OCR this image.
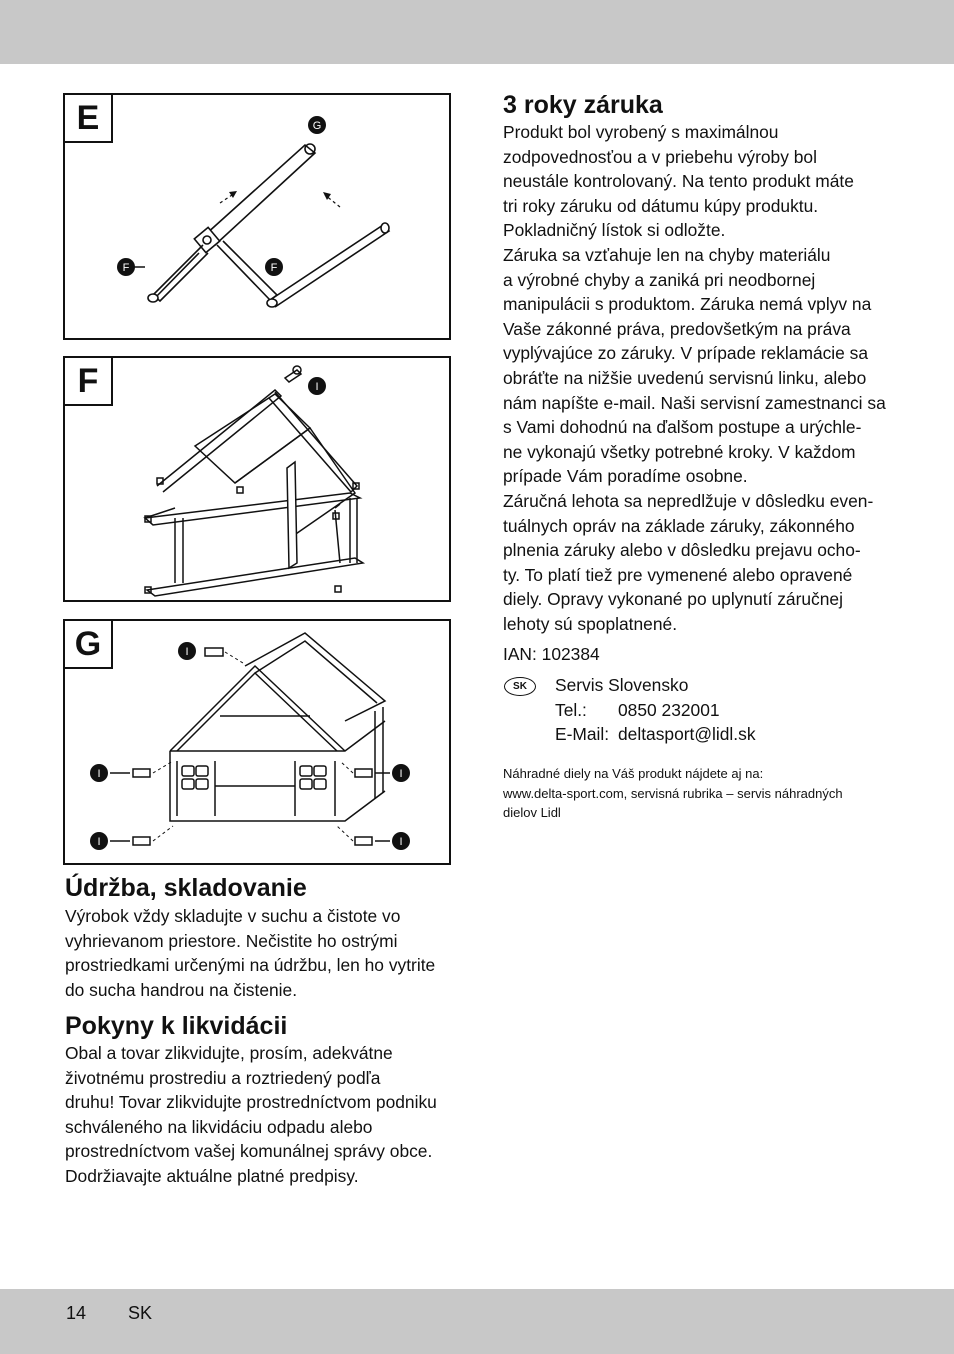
G
F	F
E
I
F
I
I
I
I
I
G
Údržba, skladovanie

Výrobok vždy skladujte v suchu a čistote vo

vyhrievanom priestore. Nečistite ho ostrými

prostriedkami určenými na údržbu, len ho vytrite

do sucha handrou na čistenie.

Pokyny k likvidácii

Obal a tovar zlikvidujte, prosím, adekvátne

životnému prostrediu a roztriedený podľa

druhu! Tovar zlikvidujte prostredníctvom podniku

schváleného na likvidáciu odpadu alebo

prostredníctvom vašej komunálnej správy obce.

Dodržiavajte aktuálne platné predpisy.

3 roky záruka

Produkt bol vyrobený s maximálnou

zodpovednosťou a v priebehu výroby bol

neustále kontrolovaný. Na tento produkt máte

tri roky záruku od dátumu kúpy produktu.

Pokladničný lístok si odložte.

Záruka sa vzťahuje len na chyby materiálu

a výrobné chyby a zaniká pri neodbornej

manipulácii s produktom. Záruka nemá vplyv na

Vaše zákonné práva, predovšetkým na práva

vyplývajúce zo záruky. V prípade reklamácie sa

obráťte na nižšie uvedenú servisnú linku, alebo

nám napíšte e-mail. Naši servisní zamestnanci sa

s Vami dohodnú na ďalšom postupe a urýchle-

ne vykonajú všetky potrebné kroky. V každom

prípade Vám poradíme osobne.

Záručná lehota sa nepredlžuje v dôsledku even-

tuálnych opráv na základe záruky, zákonného

plnenia záruky alebo v dôsledku prejavu ocho-

ty. To platí tiež pre vymenené alebo opravené

diely. Opravy vykonané po uplynutí záručnej

lehoty sú spoplatnené.

IAN: 102384
SK	Servis Slovensko
Tel.: 0850 232001
E-Mail: deltasport@lidl.sk
Náhradné diely na Váš produkt nájdete aj na:
www.delta-sport.com, servisná rubrika – servis náhradných
dielov Lidl
14 SK
